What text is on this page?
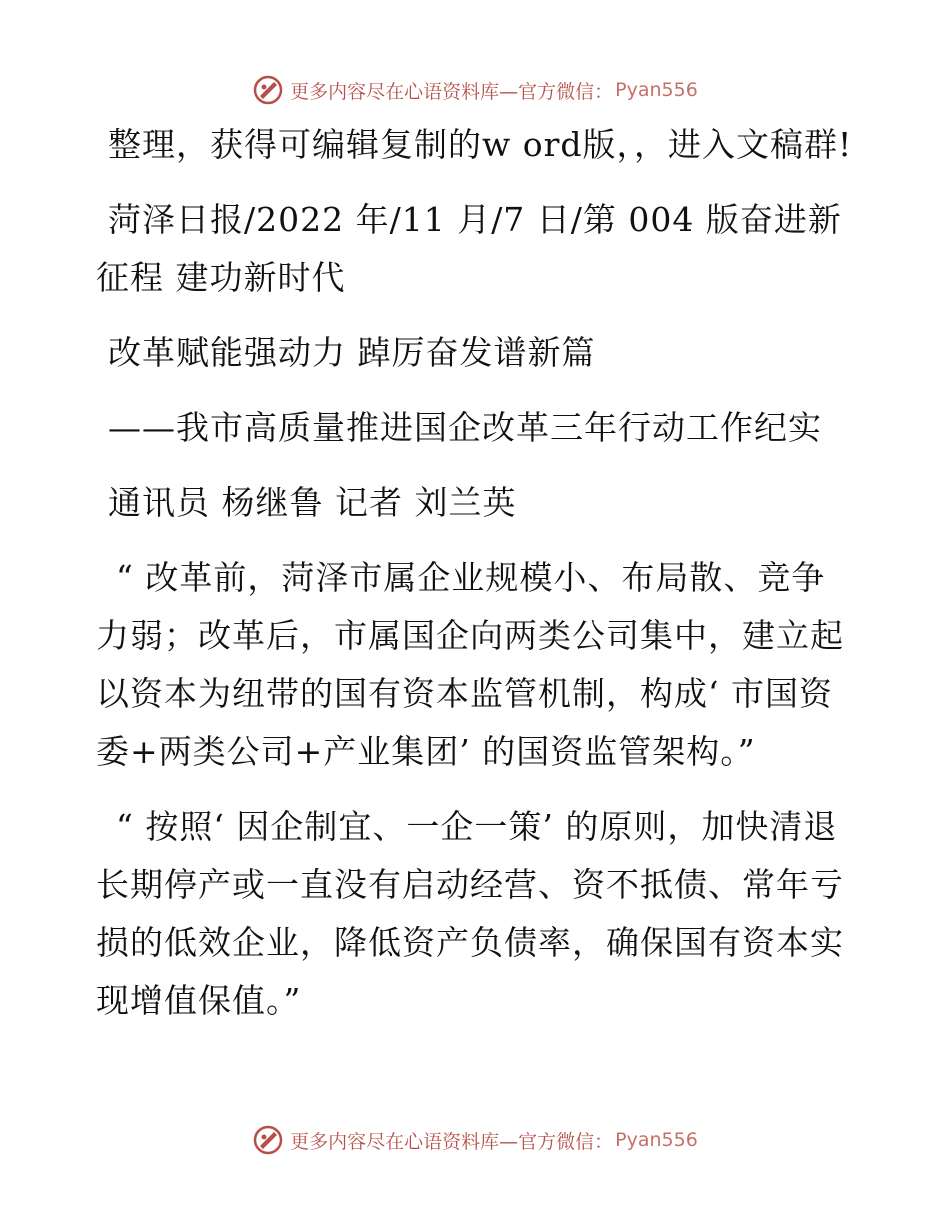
更多内容尽在心语资料库—官方微信： Pyan556

整理，获得可编辑复制的w ord版，，进入文稿群!

菏泽日报/2022 年/11 月/7 日/第 004 版奋进新征程 建功新时代

改革赋能强动力 踔厉奋发谱新篇

——我市高质量推进国企改革三年行动工作纪实

通讯员 杨继鲁 记者 刘兰英

“ 改革前，菏泽市属企业规模小、布局散、竞争力弱；改革后，市属国企向两类公司集中，建立起以资本为纽带的国有资本监管机制，构成‘ 市国资委+两类公司+产业集团’ 的国资监管架构。”

“ 按照‘ 因企制宜、一企一策’ 的原则，加快清退长期停产或一直没有启动经营、资不抵债、常年亏损的低效企业，降低资产负债率，确保国有资本实现增值保值。”

更多内容尽在心语资料库—官方微信： Pyan556
